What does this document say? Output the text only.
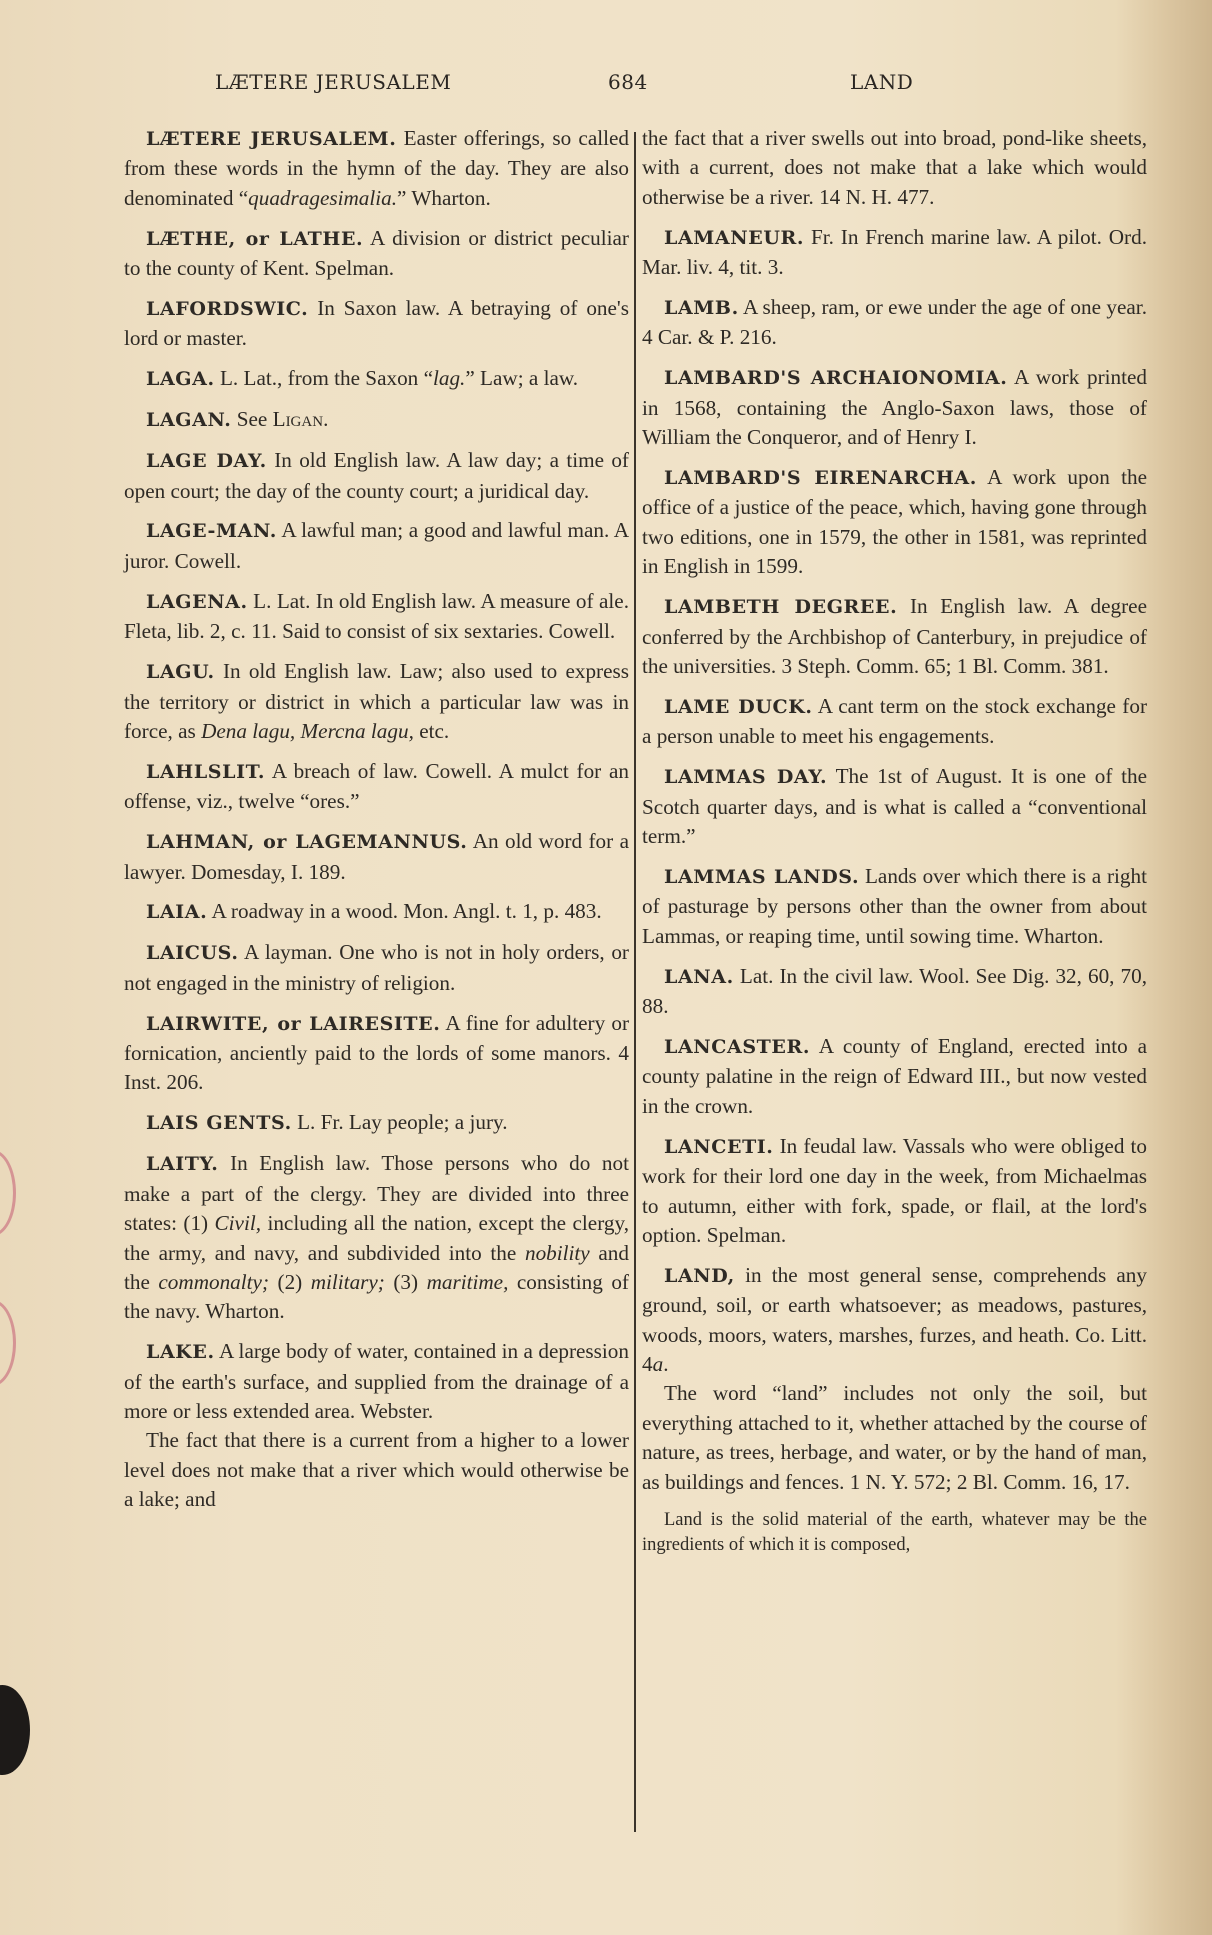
LÆTERE JERUSALEM	684	LAND

LÆTERE JERUSALEM. Easter offerings, so called from these words in the hymn of the day. They are also denominated “quadragesimalia.” Wharton.

LÆTHE, or LATHE. A division or district peculiar to the county of Kent. Spelman.

LAFORDSWIC. In Saxon law. A betraying of one's lord or master.

LAGA. L. Lat., from the Saxon “lag.” Law; a law.

LAGAN. See Ligan.

LAGE DAY. In old English law. A law day; a time of open court; the day of the county court; a juridical day.

LAGE-MAN. A lawful man; a good and lawful man. A juror. Cowell.

LAGENA. L. Lat. In old English law. A measure of ale. Fleta, lib. 2, c. 11. Said to consist of six sextaries. Cowell.

LAGU. In old English law. Law; also used to express the territory or district in which a particular law was in force, as Dena lagu, Mercna lagu, etc.

LAHLSLIT. A breach of law. Cowell. A mulct for an offense, viz., twelve “ores.”

LAHMAN, or LAGEMANNUS. An old word for a lawyer. Domesday, I. 189.

LAIA. A roadway in a wood. Mon. Angl. t. 1, p. 483.

LAICUS. A layman. One who is not in holy orders, or not engaged in the ministry of religion.

LAIRWITE, or LAIRESITE. A fine for adultery or fornication, anciently paid to the lords of some manors. 4 Inst. 206.

LAIS GENTS. L. Fr. Lay people; a jury.

LAITY. In English law. Those persons who do not make a part of the clergy. They are divided into three states: (1) Civil, including all the nation, except the clergy, the army, and navy, and subdivided into the nobility and the commonalty; (2) military; (3) maritime, consisting of the navy. Wharton.

LAKE. A large body of water, contained in a depression of the earth's surface, and supplied from the drainage of a more or less extended area. Webster.

The fact that there is a current from a higher to a lower level does not make that a river which would otherwise be a lake; and

the fact that a river swells out into broad, pond-like sheets, with a current, does not make that a lake which would otherwise be a river. 14 N. H. 477.

LAMANEUR. Fr. In French marine law. A pilot. Ord. Mar. liv. 4, tit. 3.

LAMB. A sheep, ram, or ewe under the age of one year. 4 Car. & P. 216.

LAMBARD'S ARCHAIONOMIA. A work printed in 1568, containing the Anglo-Saxon laws, those of William the Conqueror, and of Henry I.

LAMBARD'S EIRENARCHA. A work upon the office of a justice of the peace, which, having gone through two editions, one in 1579, the other in 1581, was reprinted in English in 1599.

LAMBETH DEGREE. In English law. A degree conferred by the Archbishop of Canterbury, in prejudice of the universities. 3 Steph. Comm. 65; 1 Bl. Comm. 381.

LAME DUCK. A cant term on the stock exchange for a person unable to meet his engagements.

LAMMAS DAY. The 1st of August. It is one of the Scotch quarter days, and is what is called a “conventional term.”

LAMMAS LANDS. Lands over which there is a right of pasturage by persons other than the owner from about Lammas, or reaping time, until sowing time. Wharton.

LANA. Lat. In the civil law. Wool. See Dig. 32, 60, 70, 88.

LANCASTER. A county of England, erected into a county palatine in the reign of Edward III., but now vested in the crown.

LANCETI. In feudal law. Vassals who were obliged to work for their lord one day in the week, from Michaelmas to autumn, either with fork, spade, or flail, at the lord's option. Spelman.

LAND, in the most general sense, comprehends any ground, soil, or earth whatsoever; as meadows, pastures, woods, moors, waters, marshes, furzes, and heath. Co. Litt. 4a.

The word “land” includes not only the soil, but everything attached to it, whether attached by the course of nature, as trees, herbage, and water, or by the hand of man, as buildings and fences. 1 N. Y. 572; 2 Bl. Comm. 16, 17.

Land is the solid material of the earth, whatever may be the ingredients of which it is composed,
